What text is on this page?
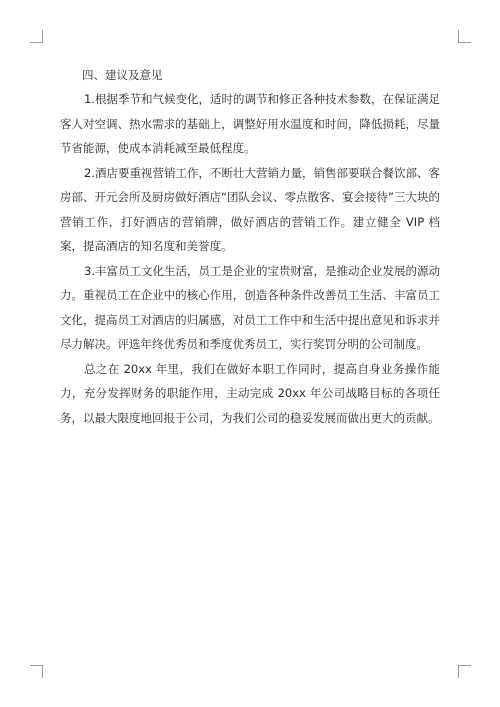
四、建议及意见

1.根据季节和气候变化，适时的调节和修正各种技术参数，在保证满足客人对空调、热水需求的基础上，调整好用水温度和时间，降低损耗，尽量节省能源，使成本消耗减至最低程度。

2.酒店要重视营销工作，不断壮大营销力量，销售部要联合餐饮部、客房部、开元会所及厨房做好酒店“团队会议、零点散客、宴会接待”三大块的营销工作，打好酒店的营销牌，做好酒店的营销工作。建立健全 VIP 档案，提高酒店的知名度和美誉度。

3.丰富员工文化生活，员工是企业的宝贵财富，是推动企业发展的源动力。重视员工在企业中的核心作用，创造各种条件改善员工生活、丰富员工文化，提高员工对酒店的归属感，对员工工作中和生活中提出意见和诉求并尽力解决。评选年终优秀员和季度优秀员工，实行奖罚分明的公司制度。

总之在 20xx 年里，我们在做好本职工作同时，提高自身业务操作能力，充分发挥财务的职能作用，主动完成 20xx 年公司战略目标的各项任务，以最大限度地回报于公司，为我们公司的稳妥发展而做出更大的贡献。
